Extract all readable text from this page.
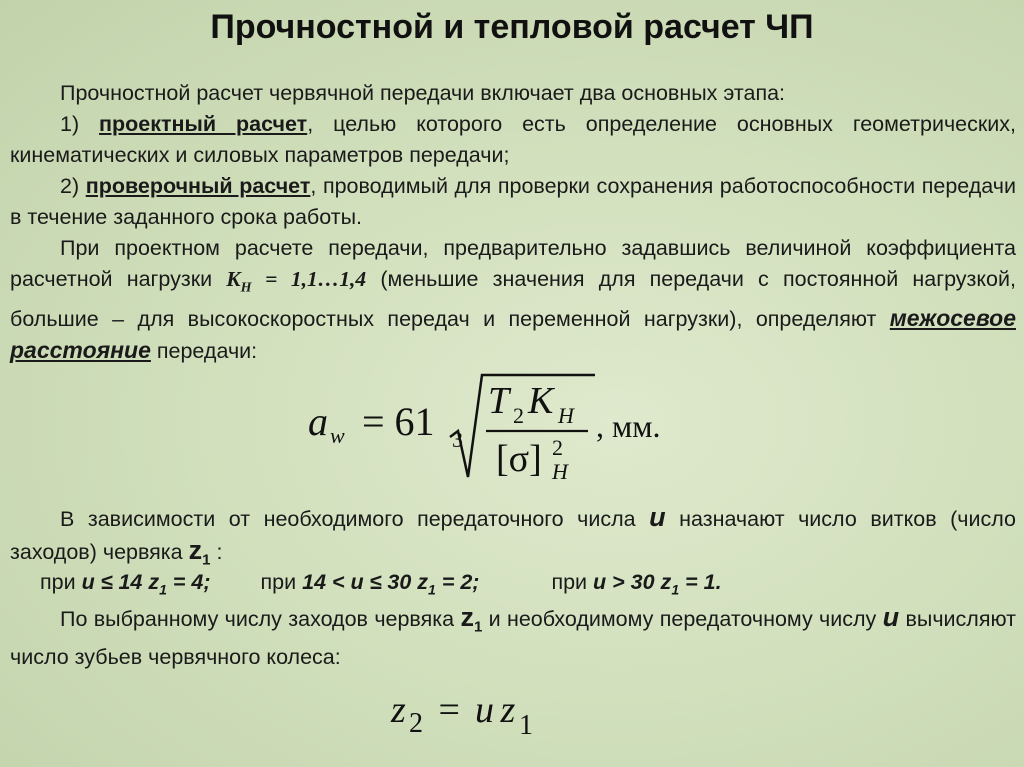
Прочностной и тепловой расчет ЧП

Прочностной расчет червячной передачи включает два основных этапа:

1) проектный расчет, целью которого есть определение основных геометрических, кинематических и силовых параметров передачи;

2) проверочный расчет, проводимый для проверки сохранения работоспособности передачи в течение заданного срока работы.

При проектном расчете передачи, предварительно задавшись величиной коэффициента расчетной нагрузки $K_H$ = 1,1…1,4 (меньшие значения для передачи с постоянной нагрузкой, большие – для высокоскоростных передач и переменной нагрузки), определяют межосевое расстояние передачи:

a w = 61 3
T 2 K H
[σ] 2
H
, мм.

В зависимости от необходимого передаточного числа u назначают число витков (число заходов) червяка $z_1$ :

при u ≤ 14 $z_1 = 4$; при 14 < u ≤ 30 $z_1 = 2$;	при u > 30 $z_1 = 1$.

По выбранному числу заходов червяка $z_1$ и необходимому передаточному числу u вычисляют число зубьев червячного колеса:

z 2 = u
z 1
